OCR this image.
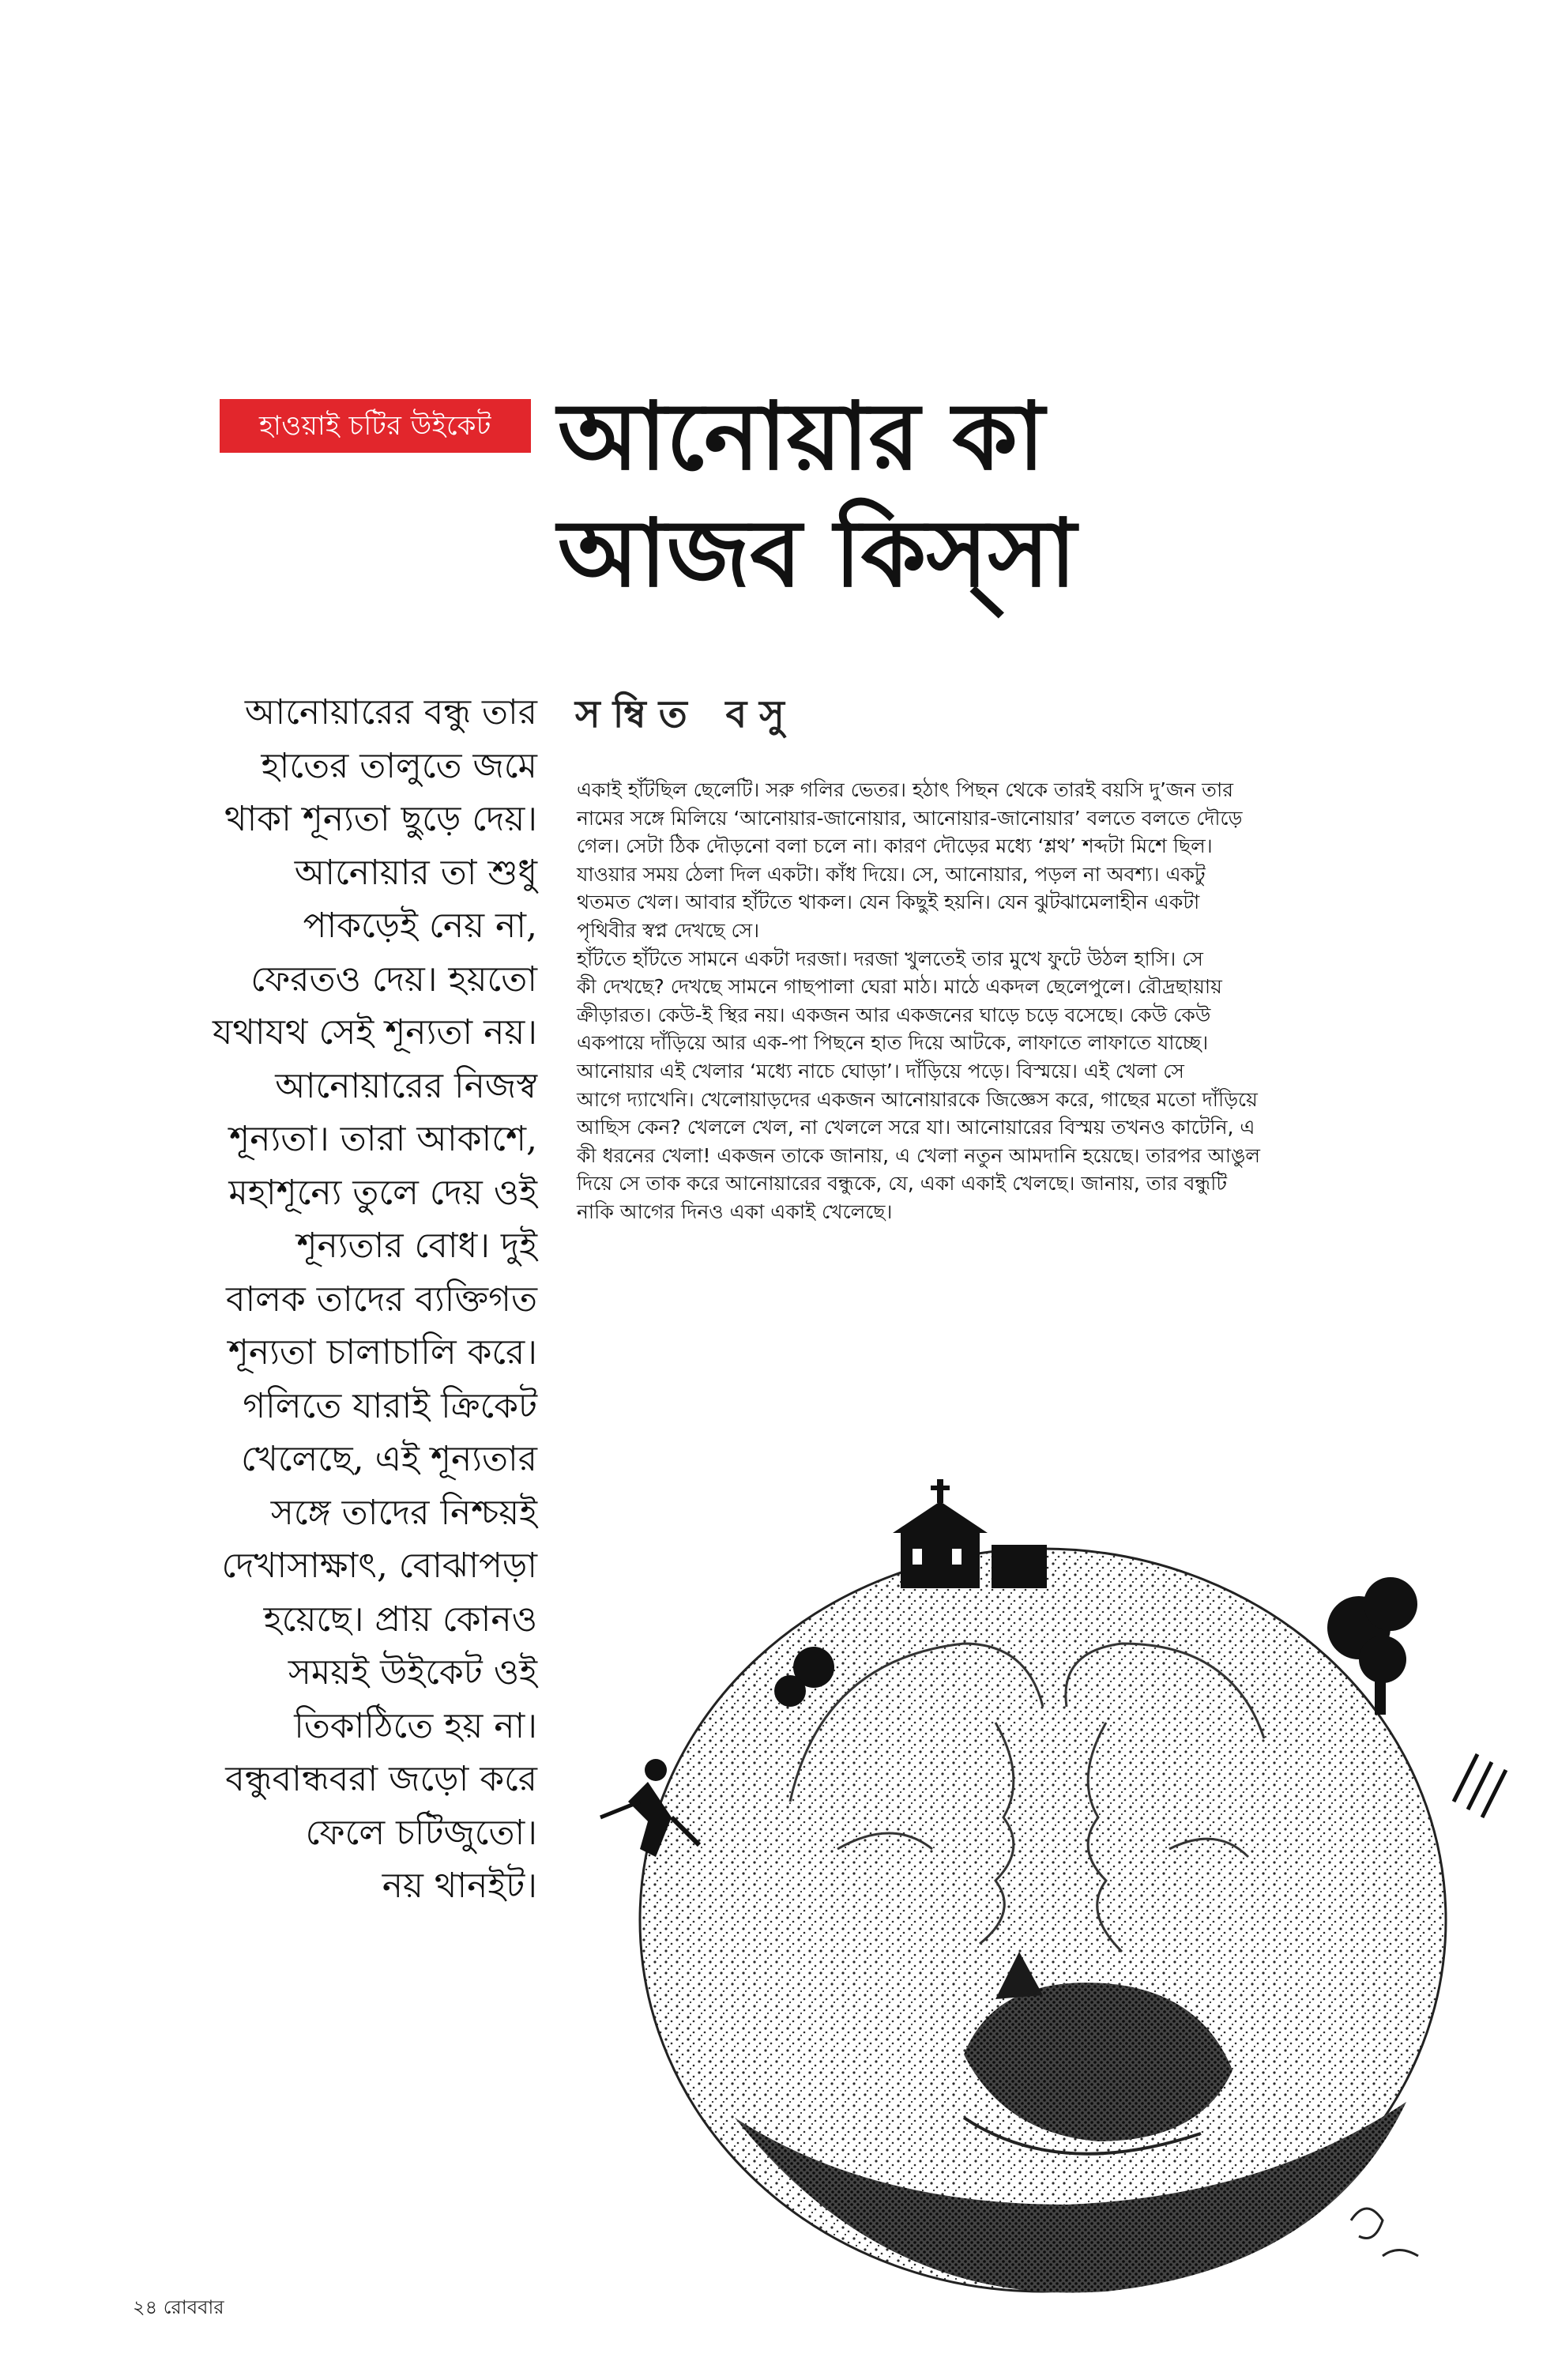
হাওয়াই চটির উইকেট আনোয়ার কা
আজব কিস্‌সা
সম্বিত বসু
আনোয়ারের বন্ধু তার
হাতের তালুতে জমে
থাকা শূন্যতা ছুড়ে দেয়।
আনোয়ার তা শুধু
পাকড়েই নেয় না,
ফেরতও দেয়। হয়তো
যথাযথ সেই শূন্যতা নয়।
আনোয়ারের নিজস্ব
শূন্যতা। তারা আকাশে,
মহাশূন্যে তুলে দেয় ওই
শূন্যতার বোধ। দুই
বালক তাদের ব্যক্তিগত
শূন্যতা চালাচালি করে।
গলিতে যারাই ক্রিকেট
খেলেছে, এই শূন্যতার
সঙ্গে তাদের নিশ্চয়ই
দেখাসাক্ষাৎ, বোঝাপড়া
হয়েছে। প্রায় কোনও
সময়ই উইকেট ওই
তিকাঠিতে হয় না।
বন্ধুবান্ধবরা জড়ো করে
ফেলে চটিজুতো।
নয় থানইট।
একাই হাঁটছিল ছেলেটি। সরু গলির ভেতর। হঠাৎ পিছন থেকে তারই বয়সি দু’জন তার
নামের সঙ্গে মিলিয়ে ‘আনোয়ার-জানোয়ার, আনোয়ার-জানোয়ার’ বলতে বলতে দৌড়ে
গেল। সেটা ঠিক দৌড়নো বলা চলে না। কারণ দৌড়ের মধ্যে ‘শ্লথ’ শব্দটা মিশে ছিল।
যাওয়ার সময় ঠেলা দিল একটা। কাঁধ দিয়ে। সে, আনোয়ার, পড়ল না অবশ্য। একটু
থতমত খেল। আবার হাঁটতে থাকল। যেন কিছুই হয়নি। যেন ঝুটঝামেলাহীন একটা
পৃথিবীর স্বপ্ন দেখছে সে।
হাঁটতে হাঁটতে সামনে একটা দরজা। দরজা খুলতেই তার মুখে ফুটে উঠল হাসি। সে
কী দেখছে? দেখছে সামনে গাছপালা ঘেরা মাঠ। মাঠে একদল ছেলেপুলে। রৌদ্রছায়ায়
ক্রীড়ারত। কেউ-ই স্থির নয়। একজন আর একজনের ঘাড়ে চড়ে বসেছে। কেউ কেউ
একপায়ে দাঁড়িয়ে আর এক-পা পিছনে হাত দিয়ে আটকে, লাফাতে লাফাতে যাচ্ছে।
আনোয়ার এই খেলার ‘মধ্যে নাচে ঘোড়া’। দাঁড়িয়ে পড়ে। বিস্ময়ে। এই খেলা সে
আগে দ্যাখেনি। খেলোয়াড়দের একজন আনোয়ারকে জিজ্ঞেস করে, গাছের মতো দাঁড়িয়ে
আছিস কেন? খেললে খেল, না খেললে সরে যা। আনোয়ারের বিস্ময় তখনও কাটেনি, এ
কী ধরনের খেলা! একজন তাকে জানায়, এ খেলা নতুন আমদানি হয়েছে। তারপর আঙুল
দিয়ে সে তাক করে আনোয়ারের বন্ধুকে, যে, একা একাই খেলছে। জানায়, তার বন্ধুটি
নাকি আগের দিনও একা একাই খেলেছে।
২৪ রোববার
